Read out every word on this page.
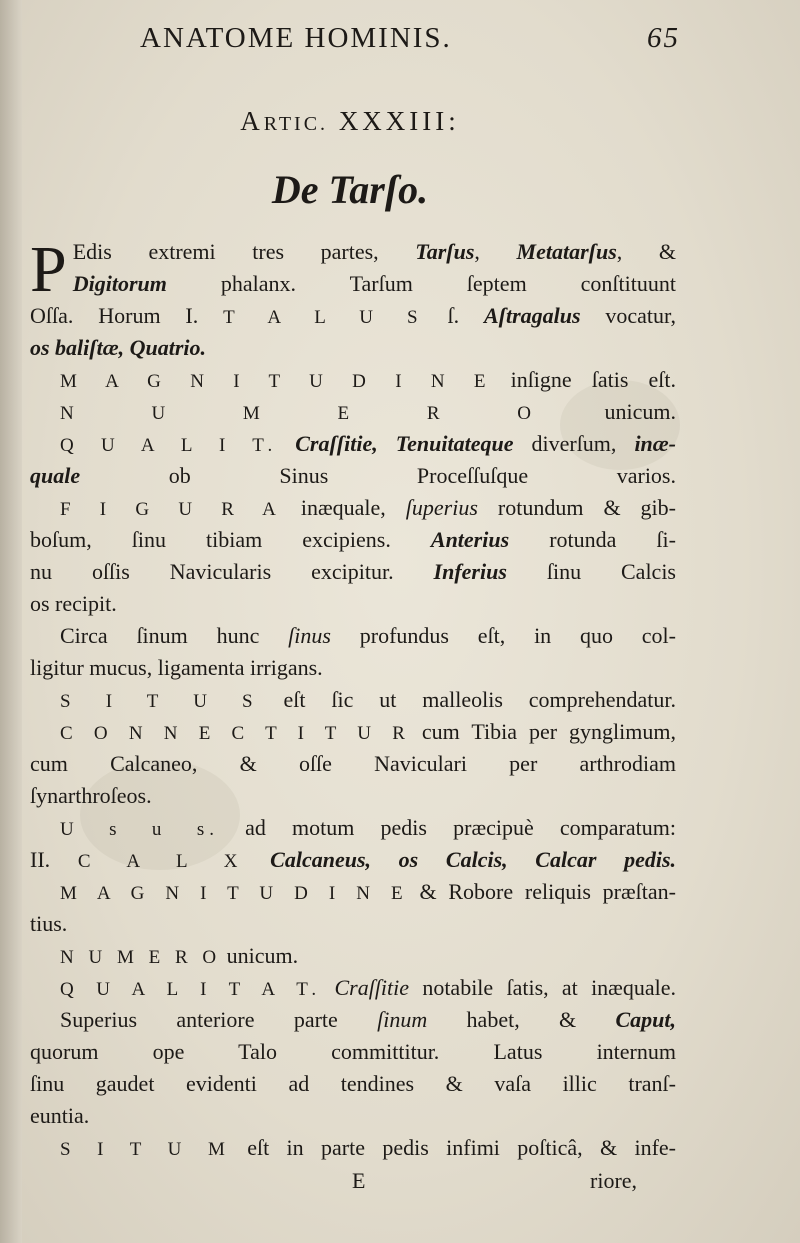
ANATOME HOMINIS.	65
ARTIC. XXXIII:
De Tarſo.
P Edis extremi tres partes, Tarſus, Metatarſus, &
Digitorum phalanx. Tarſum ſeptem conſtituunt
Oſſa. Horum I. T A L U S ſ. Aſtragalus vocatur,
os baliſtæ, Quatrio.
M A G N I T U D I N E inſigne ſatis eſt.
N U M E R O unicum.
Q U A L I T. Craſſitie, Tenuitateque diverſum, inæ-
quale ob Sinus Proceſſuſque varios.
F I G U R A inæquale, ſuperius rotundum & gib-
boſum, ſinu tibiam excipiens. Anterius rotunda ſi-
nu oſſis Navicularis excipitur. Inferius ſinu Calcis
os recipit.
Circa ſinum hunc ſinus profundus eſt, in quo col-
ligitur mucus, ligamenta irrigans.
S I T U S eſt ſic ut malleolis comprehendatur.
C O N N E C T I T U R cum Tibia per gynglimum,
cum Calcaneo, & oſſe Naviculari per arthrodiam
ſynarthroſeos.
U s u s. ad motum pedis præcipuè comparatum:
II. C A L X Calcaneus, os Calcis, Calcar pedis.
M A G N I T U D I N E & Robore reliquis præſtan-
tius.
N U M E R O unicum.
Q U A L I T A T. Craſſitie notabile ſatis, at inæquale.
Superius anteriore parte ſinum habet, & Caput,
quorum ope Talo committitur. Latus internum
ſinu gaudet evidenti ad tendines & vaſa illic tranſ-
euntia.
S I T U M eſt in parte pedis infimi poſticâ, & infe-
E	riore,
